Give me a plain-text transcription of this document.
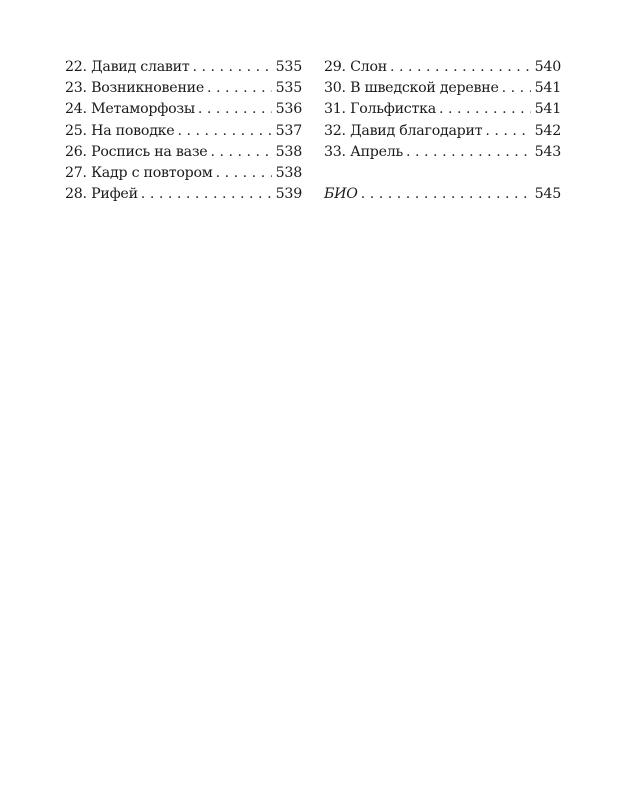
22. Давид славит . . .	535
23. Возникновение . . .	535
24. Метаморфозы . . .	536
25. На поводке . . .	537
26. Роспись на вазе . . .	538
27. Кадр с повтором . . .	538
28. Рифей . . .	539
29. Слон . . .	540
30. В шведской деревне . . .	541
31. Гольфистка . . .	541
32. Давид благодарит . . .	542
33. Апрель . . .	543
БИО . . .	545
